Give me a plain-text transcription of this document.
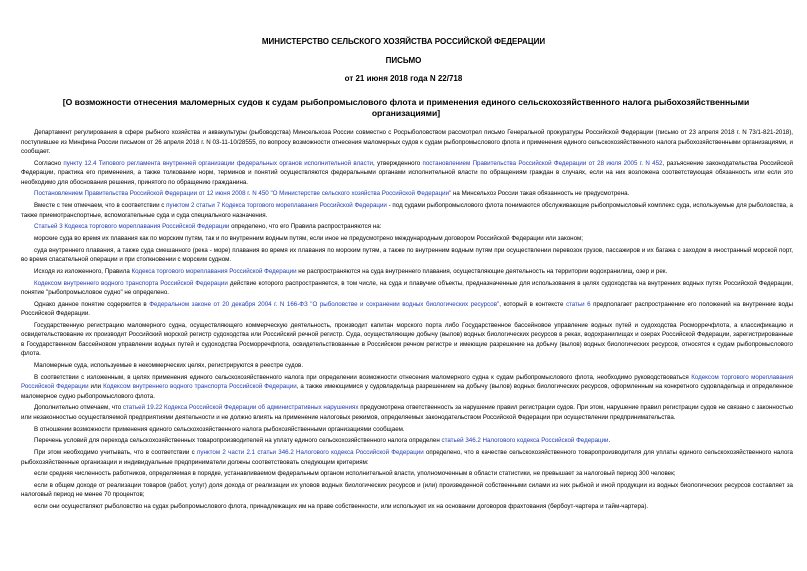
МИНИСТЕРСТВО СЕЛЬСКОГО ХОЗЯЙСТВА РОССИЙСКОЙ ФЕДЕРАЦИИ
ПИСЬМО
от 21 июня 2018 года N 22/718
[О возможности отнесения маломерных судов к судам рыбопромыслового флота и применения единого сельскохозяйственного налога рыбохозяйственными организациями]

Департамент регулирования в сфере рыбного хозяйства и аквакультуры (рыбоводства) Минсельхоза России совместно с Росрыболовством рассмотрел письмо Генеральной прокуратуры Российской Федерации (письмо от 23 апреля 2018 г. N 73/1-821-2018), поступившее из Минфина России письмом от 26 апреля 2018 г. N 03-11-10/28555, по вопросу возможности отнесения маломерных судов к судам рыбопромыслового флота и применения единого сельскохозяйственного налога рыбохозяйственными организациями, и сообщает.

Согласно пункту 12.4 Типового регламента внутренней организации федеральных органов исполнительной власти, утвержденного постановлением Правительства Российской Федерации от 28 июля 2005 г. N 452, разъяснение законодательства Российской Федерации, практика его применения, а также толкование норм, терминов и понятий осуществляются федеральными органами исполнительной власти по обращениям граждан в случаях, если на них возложена соответствующая обязанность или если это необходимо для обоснования решения, принятого по обращению гражданина.

Постановлением Правительства Российской Федерации от 12 июня 2008 г. N 450 "О Министерстве сельского хозяйства Российской Федерации" на Минсельхоз России такая обязанность не предусмотрена.

Вместе с тем отмечаем, что в соответствии с пунктом 2 статьи 7 Кодекса торгового мореплавания Российской Федерации - под судами рыбопромыслового флота понимаются обслуживающие рыбопромысловый комплекс суда, используемые для рыболовства, а также приемотранспортные, вспомогательные суда и суда специального назначения.

Статьей 3 Кодекса торгового мореплавания Российской Федерации определено, что его Правила распространяются на:

морские суда во время их плавания как по морским путям, так и по внутренним водным путям, если иное не предусмотрено международным договором Российской Федерации или законом;

суда внутреннего плавания, а также суда смешанного (река - море) плавания во время их плавания по морским путям, а также по внутренним водным путям при осуществлении перевозок грузов, пассажиров и их багажа с заходом в иностранный морской порт, во время спасательной операции и при столкновении с морским судном.

Исходя из изложенного, Правила Кодекса торгового мореплавания Российской Федерации не распространяются на суда внутреннего плавания, осуществляющие деятельность на территории водохранилищ, озер и рек.

Кодексом внутреннего водного транспорта Российской Федерации действие которого распространяется, в том числе, на суда и плавучие объекты, предназначенные для использования в целях судоходства на внутренних водных путях Российской Федерации, понятие "рыбопромысловое судно" не определено.

Однако данное понятие содержится в Федеральном законе от 20 декабря 2004 г. N 166-ФЗ "О рыболовстве и сохранении водных биологических ресурсов", который в контексте статьи 6 предполагает распространение его положений на внутренние воды Российской Федерации.

Государственную регистрацию маломерного судна, осуществляющего коммерческую деятельность, производит капитан морского порта либо Государственное бассейновое управление водных путей и судоходства Росморречфлота, а классификацию и освидетельствование их производит Российский морской регистр судоходства или Российский речной регистр. Суда, осуществляющие добычу (вылов) водных биологических ресурсов в реках, водохранилищах и озерах Российской Федерации, зарегистрированные в Государственном бассейновом управлении водных путей и судоходства Росморречфлота, освидетельствованные в Российском речном регистре и имеющие разрешение на добычу (вылов) водных биологических ресурсов, относятся к судам рыбопромыслового флота.

Маломерные суда, используемые в некоммерческих целях, регистрируются в реестре судов.

В соответствии с изложенным, в целях применения единого сельскохозяйственного налога при определении возможности отнесения маломерного судна к судам рыбопромыслового флота, необходимо руководствоваться Кодексом торгового мореплавания Российской Федерации или Кодексом внутреннего водного транспорта Российской Федерации, а также имеющимися у судовладельца разрешением на добычу (вылов) водных биологических ресурсов, оформленным на конкретного судовладельца и определенное маломерное судно рыбопромыслового флота.

Дополнительно отмечаем, что статьей 19.22 Кодекса Российской Федерации об административных нарушениях предусмотрена ответственность за нарушение правил регистрации судов. При этом, нарушение правил регистрации судов не связано с законностью или незаконностью осуществляемой предприятиями деятельности и не должно влиять на применение налоговых режимов, определяемых законодательством Российской Федерации при осуществлении предпринимательства.

В отношении возможности применения единого сельскохозяйственного налога рыбохозяйственными организациями сообщаем.

Перечень условий для перехода сельскохозяйственных товаропроизводителей на уплату единого сельскохозяйственного налога определен статьей 346.2 Налогового кодекса Российской Федерации.

При этом необходимо учитывать, что в соответствии с пунктом 2 части 2.1 статьи 346.2 Налогового кодекса Российской Федерации определено, что в качестве сельскохозяйственного товаропроизводителя для уплаты единого сельскохозяйственного налога рыбохозяйственные организации и индивидуальные предприниматели должны соответствовать следующим критериям:

если средняя численность работников, определяемая в порядке, устанавливаемом федеральным органом исполнительной власти, уполномоченным в области статистики, не превышает за налоговый период 300 человек;

если в общем доходе от реализации товаров (работ, услуг) доля дохода от реализации их уловов водных биологических ресурсов и (или) произведенной собственными силами из них рыбной и иной продукции из водных биологических ресурсов составляет за налоговый период не менее 70 процентов;

если они осуществляют рыболовство на судах рыбопромыслового флота, принадлежащих им на праве собственности, или используют их на основании договоров фрахтования (бербоут-чартера и тайм-чартера).
